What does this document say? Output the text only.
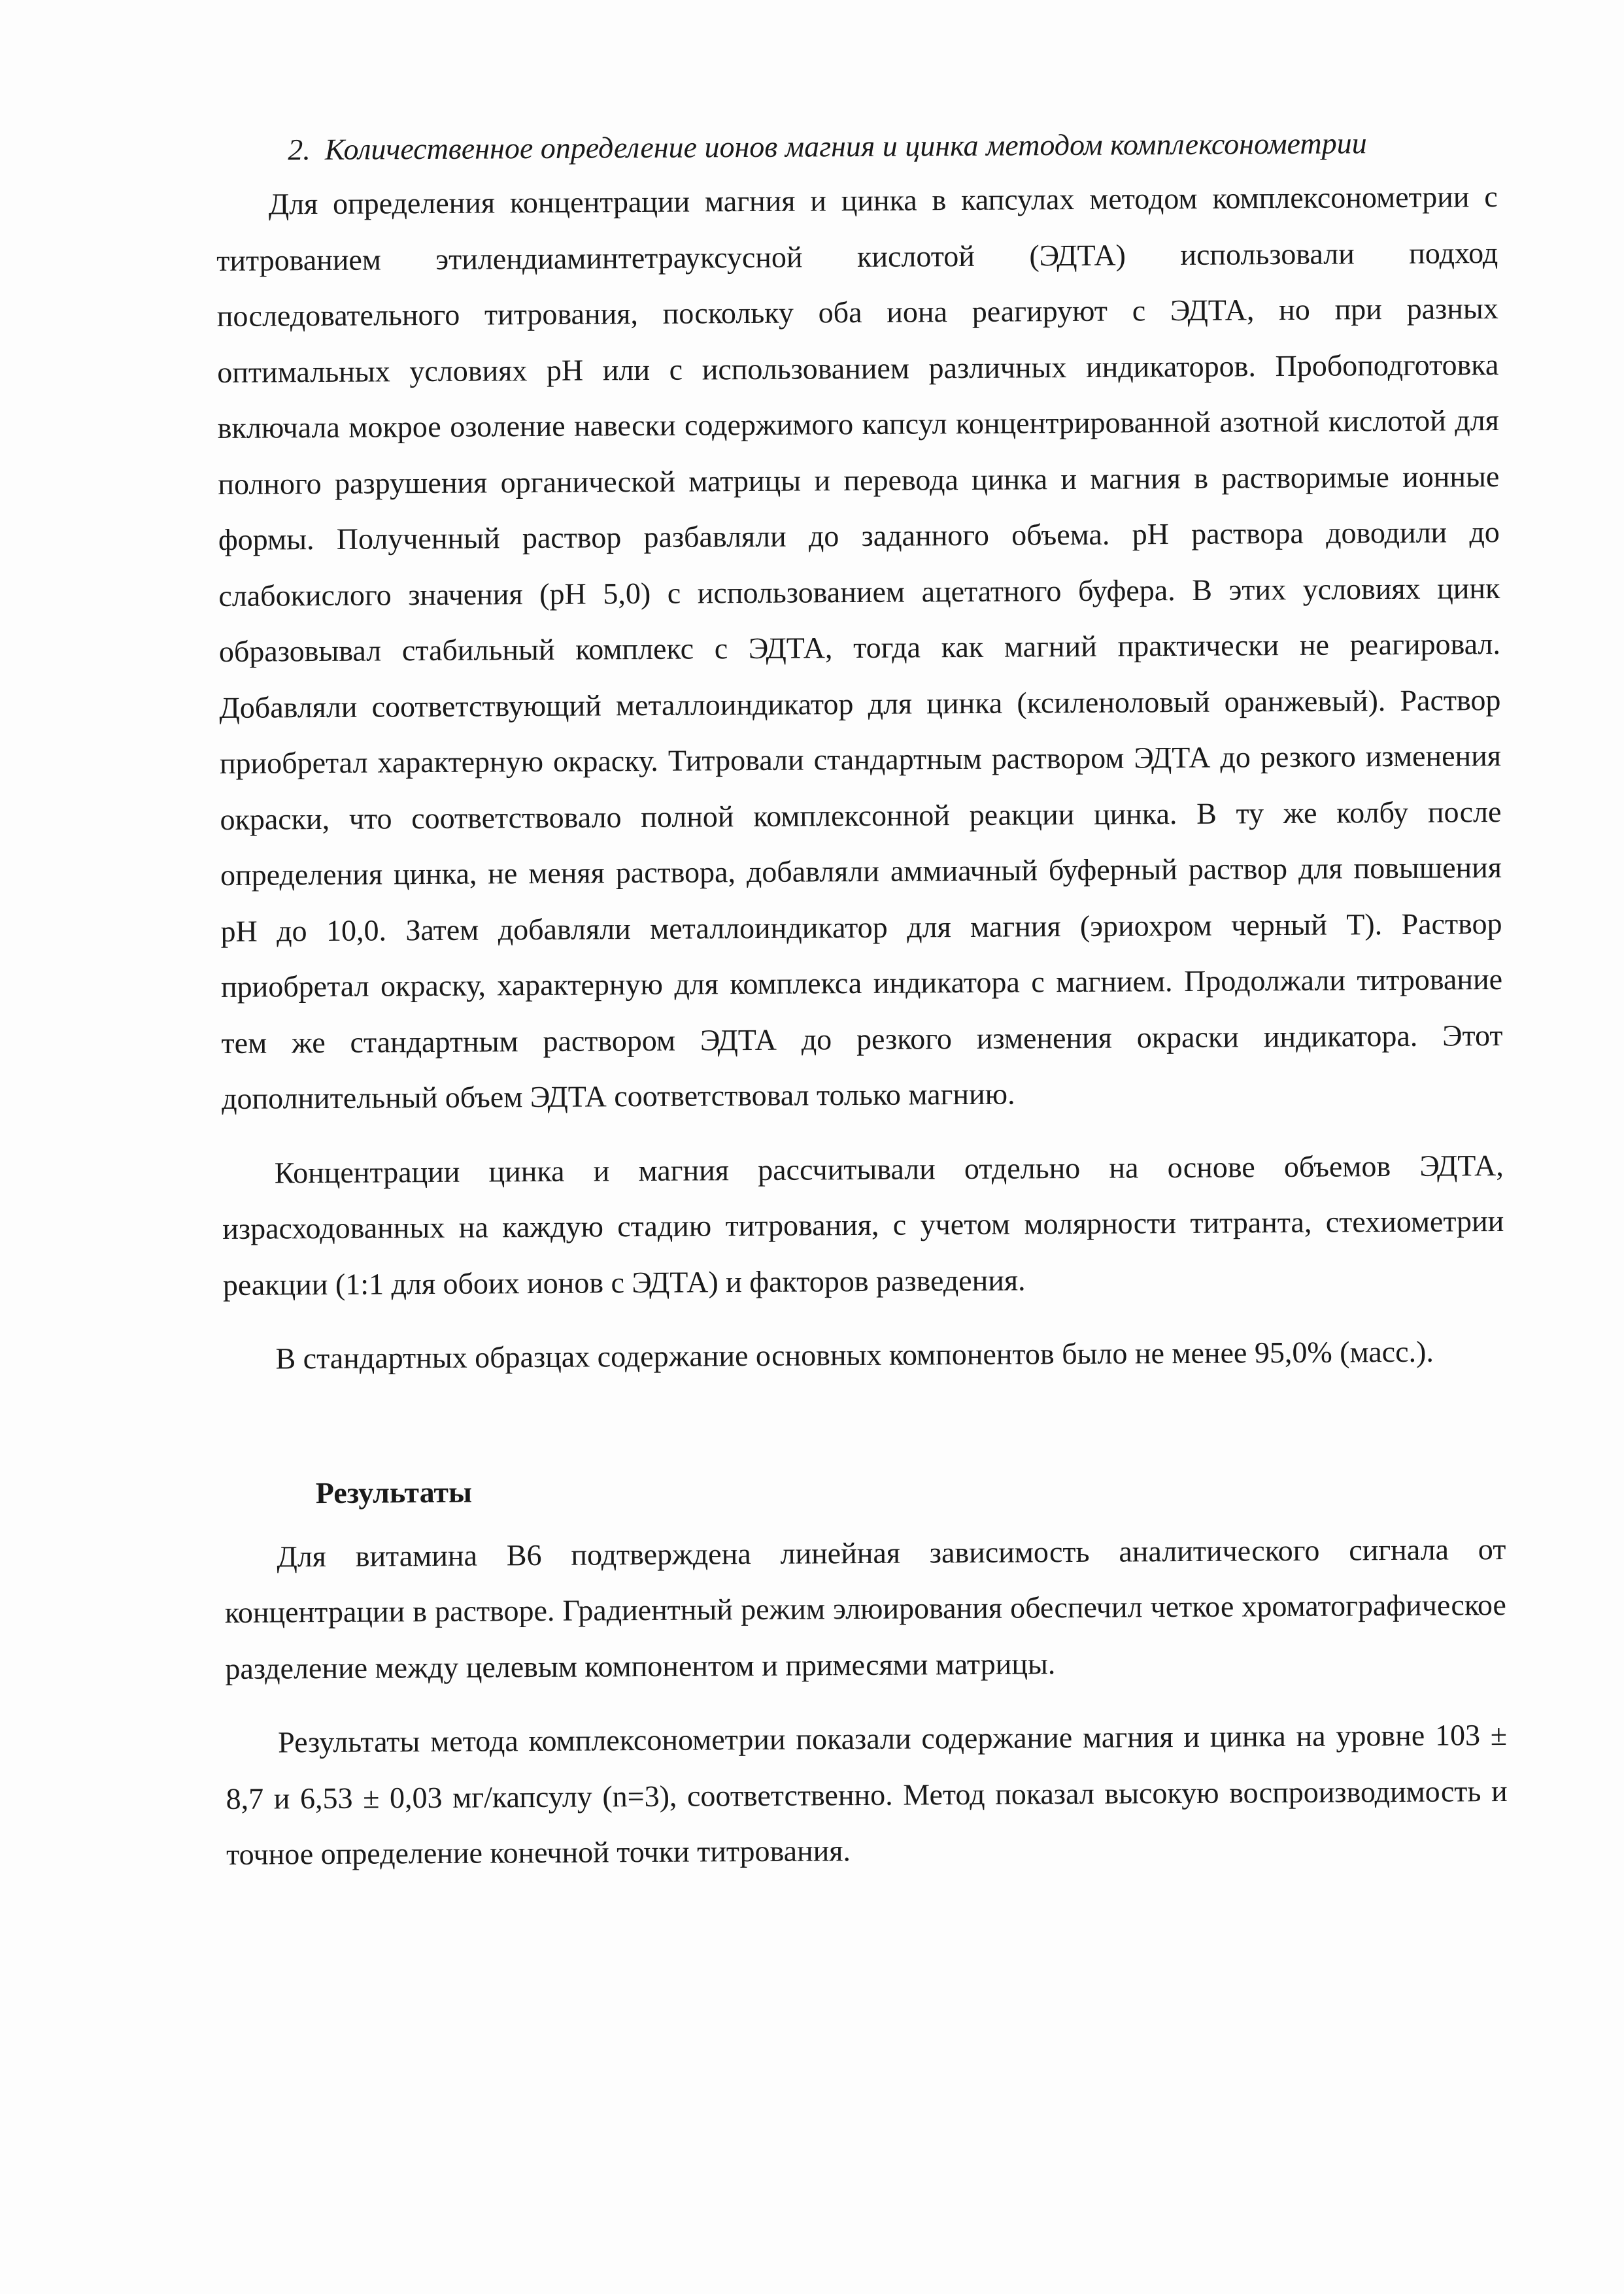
2. Количественное определение ионов магния и цинка методом комплексонометрии

Для определения концентрации магния и цинка в капсулах методом комплексонометрии с титрованием этилендиаминтетрауксусной кислотой (ЭДТА) использовали подход последовательного титрования, поскольку оба иона реагируют с ЭДТА, но при разных оптимальных условиях pH или с использованием различных индикаторов. Пробоподготовка включала мокрое озоление навески содержимого капсул концентрированной азотной кислотой для полного разрушения органической матрицы и перевода цинка и магния в растворимые ионные формы. Полученный раствор разбавляли до заданного объема. pH раствора доводили до слабокислого значения (pH 5,0) с использованием ацетатного буфера. В этих условиях цинк образовывал стабильный комплекс с ЭДТА, тогда как магний практически не реагировал. Добавляли соответствующий металлоиндикатор для цинка (ксиленоловый оранжевый). Раствор приобретал характерную окраску. Титровали стандартным раствором ЭДТА до резкого изменения окраски, что соответствовало полной комплексонной реакции цинка. В ту же колбу после определения цинка, не меняя раствора, добавляли аммиачный буферный раствор для повышения pH до 10,0. Затем добавляли металлоиндикатор для магния (эриохром черный Т). Раствор приобретал окраску, характерную для комплекса индикатора с магнием. Продолжали титрование тем же стандартным раствором ЭДТА до резкого изменения окраски индикатора. Этот дополнительный объем ЭДТА соответствовал только магнию.

Концентрации цинка и магния рассчитывали отдельно на основе объемов ЭДТА, израсходованных на каждую стадию титрования, с учетом молярности титранта, стехиометрии реакции (1:1 для обоих ионов с ЭДТА) и факторов разведения.

В стандартных образцах содержание основных компонентов было не менее 95,0% (масс.).

Результаты

Для витамина B6 подтверждена линейная зависимость аналитического сигнала от концентрации в растворе. Градиентный режим элюирования обеспечил четкое хроматографическое разделение между целевым компонентом и примесями матрицы.

Результаты метода комплексонометрии показали содержание магния и цинка на уровне 103 ± 8,7 и 6,53 ± 0,03 мг/капсулу (n=3), соответственно. Метод показал высокую воспроизводимость и точное определение конечной точки титрования.
